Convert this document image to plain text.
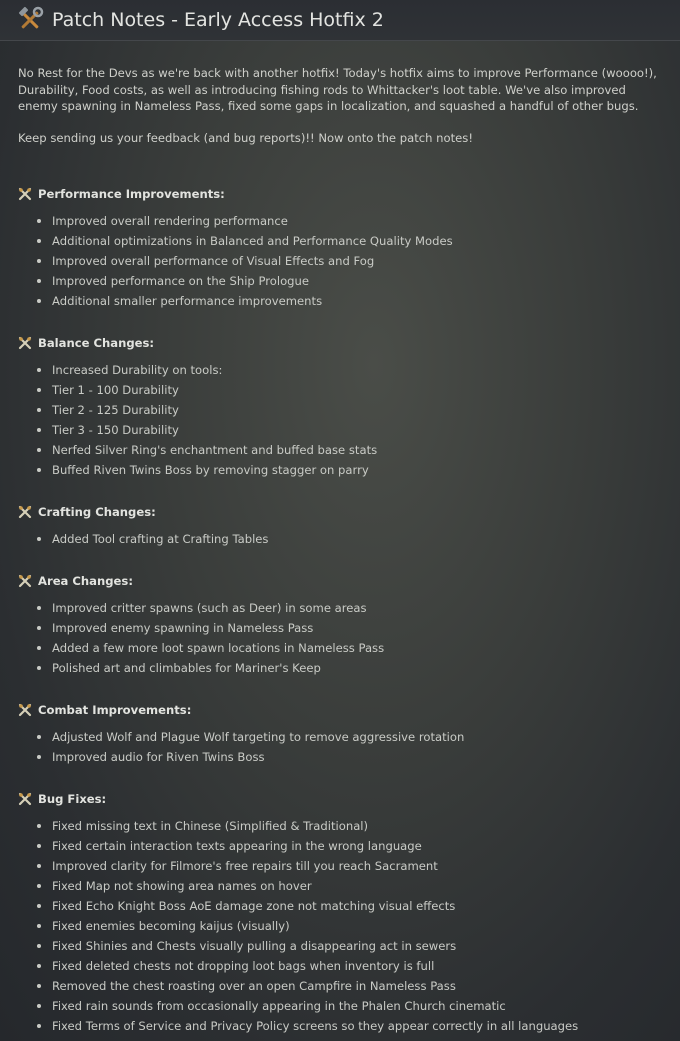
Patch Notes - Early Access Hotfix 2

No Rest for the Devs as we're back with another hotfix! Today's hotfix aims to improve Performance (woooo!), Durability, Food costs, as well as introducing fishing rods to Whittacker's loot table. We've also improved enemy spawning in Nameless Pass, fixed some gaps in localization, and squashed a handful of other bugs.

Keep sending us your feedback (and bug reports)!! Now onto the patch notes!

Performance Improvements:
Improved overall rendering performance
Additional optimizations in Balanced and Performance Quality Modes
Improved overall performance of Visual Effects and Fog
Improved performance on the Ship Prologue
Additional smaller performance improvements
Balance Changes:
Increased Durability on tools:
Tier 1 - 100 Durability
Tier 2 - 125 Durability
Tier 3 - 150 Durability
Nerfed Silver Ring's enchantment and buffed base stats
Buffed Riven Twins Boss by removing stagger on parry
Crafting Changes:
Added Tool crafting at Crafting Tables
Area Changes:
Improved critter spawns (such as Deer) in some areas
Improved enemy spawning in Nameless Pass
Added a few more loot spawn locations in Nameless Pass
Polished art and climbables for Mariner's Keep
Combat Improvements:
Adjusted Wolf and Plague Wolf targeting to remove aggressive rotation
Improved audio for Riven Twins Boss
Bug Fixes:
Fixed missing text in Chinese (Simplified & Traditional)
Fixed certain interaction texts appearing in the wrong language
Improved clarity for Filmore's free repairs till you reach Sacrament
Fixed Map not showing area names on hover
Fixed Echo Knight Boss AoE damage zone not matching visual effects
Fixed enemies becoming kaijus (visually)
Fixed Shinies and Chests visually pulling a disappearing act in sewers
Fixed deleted chests not dropping loot bags when inventory is full
Removed the chest roasting over an open Campfire in Nameless Pass
Fixed rain sounds from occasionally appearing in the Phalen Church cinematic
Fixed Terms of Service and Privacy Policy screens so they appear correctly in all languages
